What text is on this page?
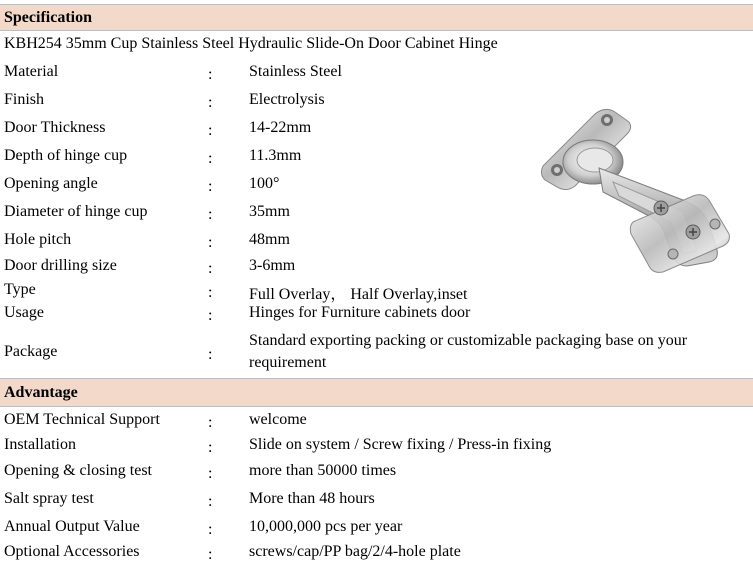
Specification
KBH254 35mm Cup Stainless Steel Hydraulic Slide-On Door Cabinet Hinge
Material	: Stainless Steel
Finish	: Electrolysis
Door Thickness	: 14-22mm
Depth of hinge cup	: 11.3mm
Opening angle	: 100°
Diameter of hinge cup	: 35mm
Hole pitch	: 48mm
Door drilling size	: 3-6mm
Type	: Full Overlay， Half Overlay,inset
Usage	: Hinges for Furniture cabinets door
Package	:
Standard exporting packing or customizable packaging base on your requirement
Advantage
OEM Technical Support	: welcome
Installation	: Slide on system / Screw fixing / Press-in fixing
Opening & closing test	: more than 50000 times
Salt spray test	: More than 48 hours
Annual Output Value	: 10,000,000 pcs per year
Optional Accessories	: screws/cap/PP bag/2/4-hole plate
